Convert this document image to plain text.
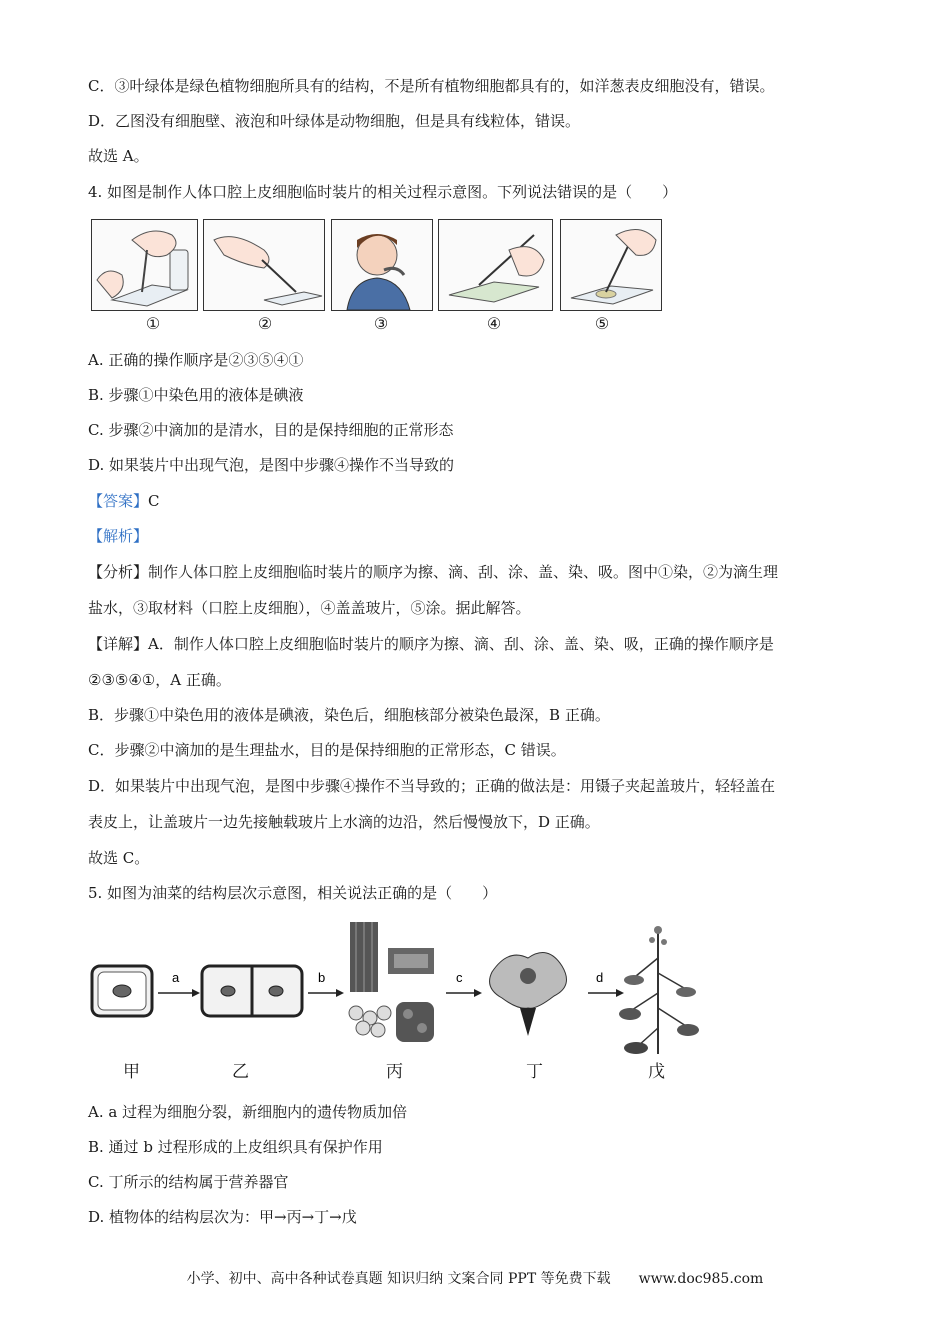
C．③叶绿体是绿色植物细胞所具有的结构，不是所有植物细胞都具有的，如洋葱表皮细胞没有，错误。
D．乙图没有细胞壁、液泡和叶绿体是动物细胞，但是具有线粒体，错误。
故选 A。
4. 如图是制作人体口腔上皮细胞临时装片的相关过程示意图。下列说法错误的是（　　）
①	②	③	④	⑤
A. 正确的操作顺序是②③⑤④①
B. 步骤①中染色用的液体是碘液
C. 步骤②中滴加的是清水，目的是保持细胞的正常形态
D. 如果装片中出现气泡，是图中步骤④操作不当导致的
【答案】C
【解析】
【分析】制作人体口腔上皮细胞临时装片的顺序为擦、滴、刮、涂、盖、染、吸。图中①染，②为滴生理
盐水，③取材料（口腔上皮细胞），④盖盖玻片，⑤涂。据此解答。
【详解】A．制作人体口腔上皮细胞临时装片的顺序为擦、滴、刮、涂、盖、染、吸，正确的操作顺序是
②③⑤④①，A 正确。
B．步骤①中染色用的液体是碘液，染色后，细胞核部分被染色最深，B 正确。
C．步骤②中滴加的是生理盐水，目的是保持细胞的正常形态，C 错误。
D．如果装片中出现气泡，是图中步骤④操作不当导致的；正确的做法是：用镊子夹起盖玻片，轻轻盖在
表皮上，让盖玻片一边先接触载玻片上水滴的边沿，然后慢慢放下，D 正确。
故选 C。
5. 如图为油菜的结构层次示意图，相关说法正确的是（　　）
a	b	c	d
甲	乙	丙	丁	戊
A. a 过程为细胞分裂，新细胞内的遗传物质加倍
B. 通过 b 过程形成的上皮组织具有保护作用
C. 丁所示的结构属于营养器官
D. 植物体的结构层次为：甲→丙→丁→戊
小学、初中、高中各种试卷真题 知识归纳 文案合同 PPT 等免费下载　　www.doc985.com
